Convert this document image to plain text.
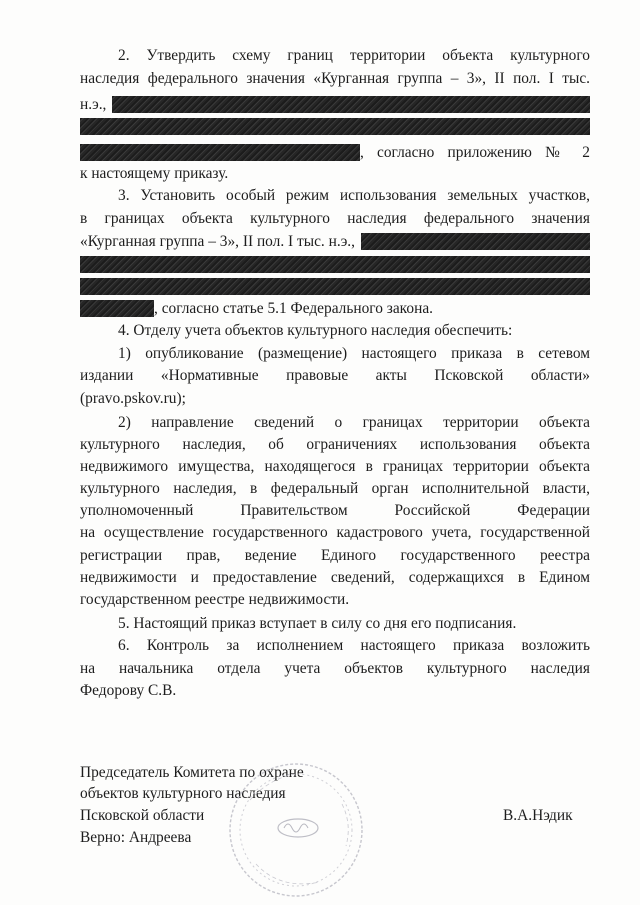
2. Утвердить схему границ территории объекта культурного
наследия федерального значения «Курганная группа – 3», II пол. I тыс.
н.э.,
, согласно приложению № 2
к настоящему приказу.
3. Установить особый режим использования земельных участков,
в границах объекта культурного наследия федерального значения
«Курганная группа – 3», II пол. I тыс. н.э.,
, согласно статье 5.1 Федерального закона.
4. Отделу учета объектов культурного наследия обеспечить:
1) опубликование (размещение) настоящего приказа в сетевом
издании «Нормативные правовые акты Псковской области»
(pravo.pskov.ru);
2) направление сведений о границах территории объекта
культурного наследия, об ограничениях использования объекта
недвижимого имущества, находящегося в границах территории объекта
культурного наследия, в федеральный орган исполнительной власти,
уполномоченный Правительством Российской Федерации
на осуществление государственного кадастрового учета, государственной
регистрации прав, ведение Единого государственного реестра
недвижимости и предоставление сведений, содержащихся в Едином
государственном реестре недвижимости.
5. Настоящий приказ вступает в силу со дня его подписания.
6. Контроль за исполнением настоящего приказа возложить
на начальника отдела учета объектов культурного наследия
Федорову С.В.
Председатель Комитета по охране
объектов культурного наследия
Псковской области	В.А.Нэдик
Верно: Андреева
